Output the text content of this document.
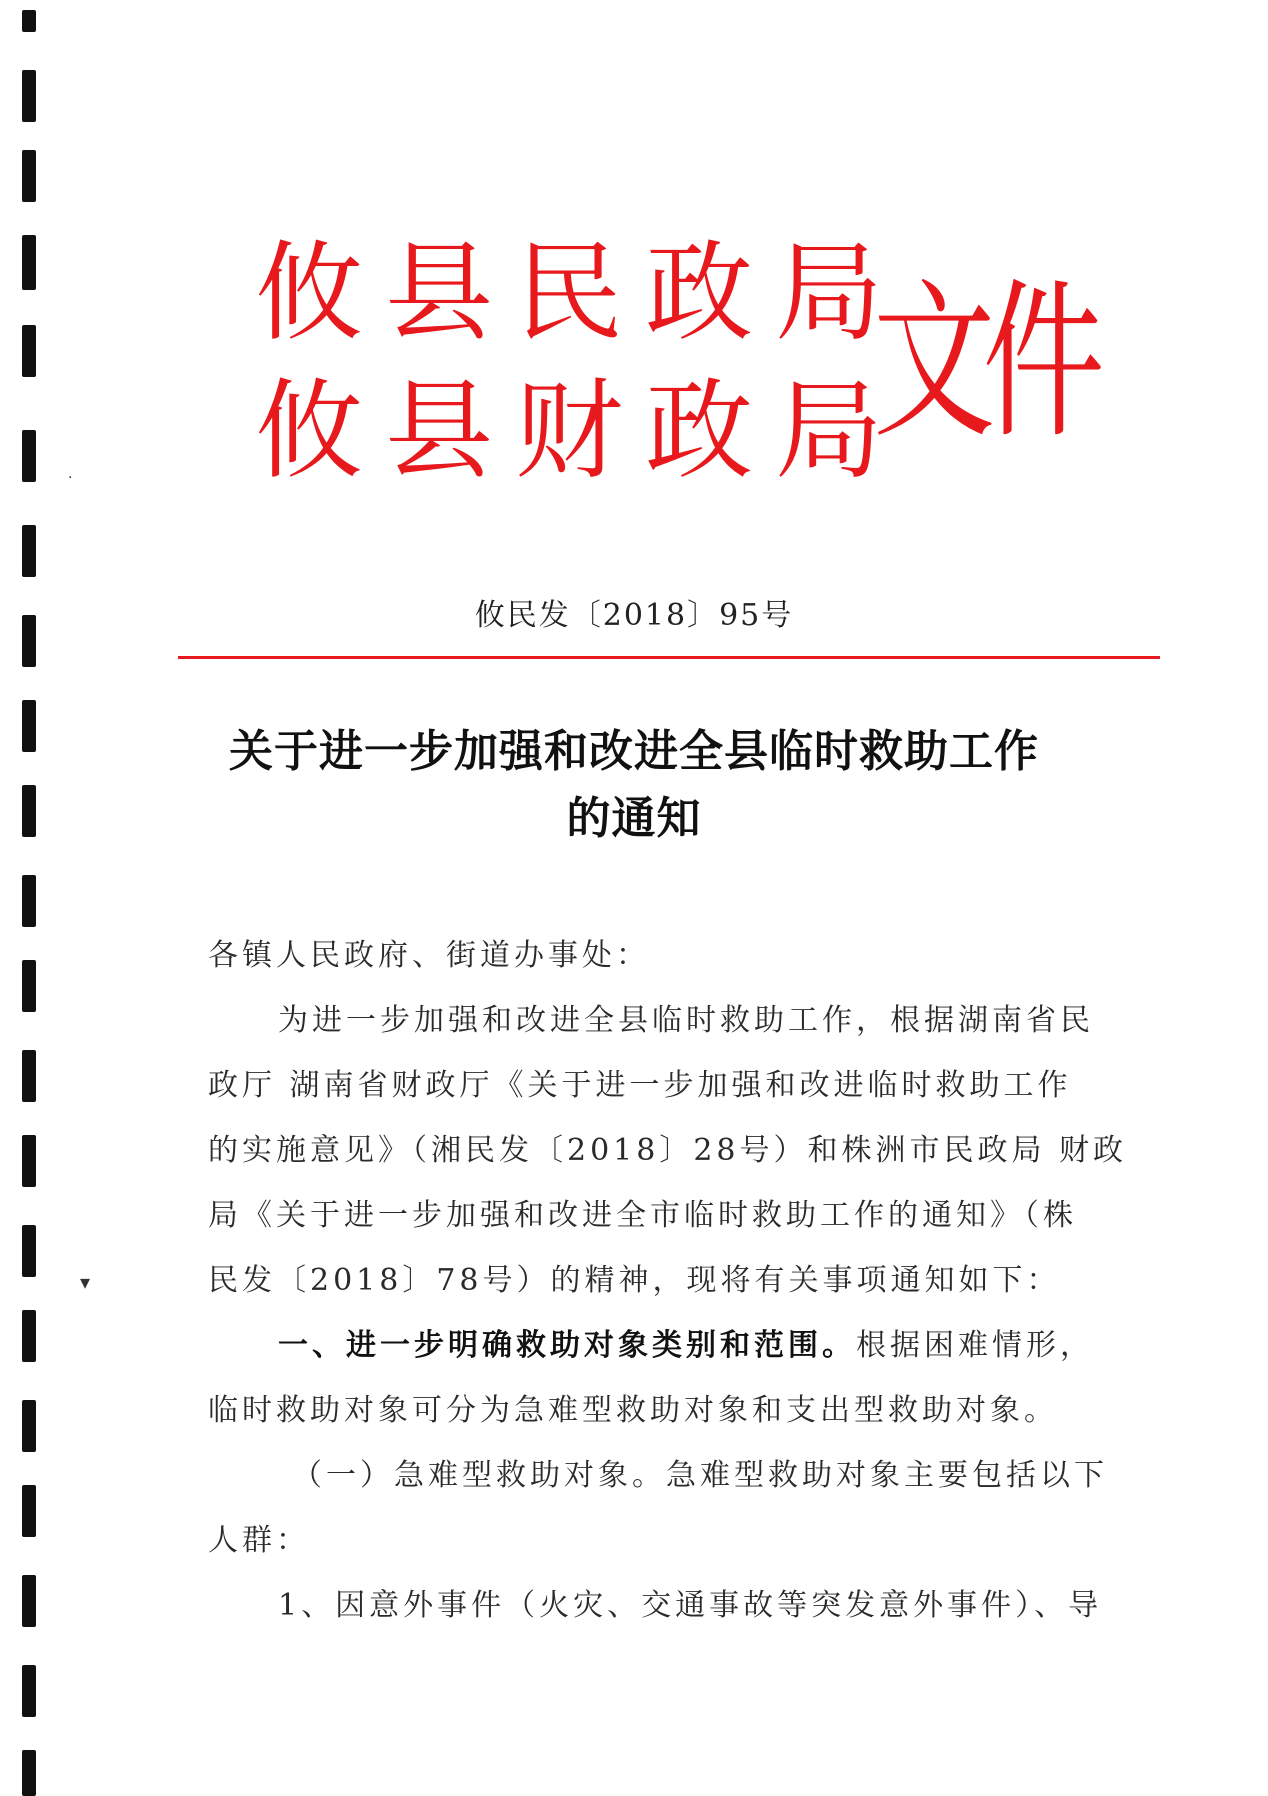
·
▾
攸县民政局
攸县财政局
文件
攸民发〔2018〕95号
关于进一步加强和改进全县临时救助工作
的通知
各镇人民政府、街道办事处：
为进一步加强和改进全县临时救助工作，根据湖南省民
政厅 湖南省财政厅《关于进一步加强和改进临时救助工作
的实施意见》（湘民发〔2018〕28号）和株洲市民政局 财政
局《关于进一步加强和改进全市临时救助工作的通知》（株
民发〔2018〕78号）的精神，现将有关事项通知如下：
一、进一步明确救助对象类别和范围。根据困难情形，
临时救助对象可分为急难型救助对象和支出型救助对象。
（一）急难型救助对象。急难型救助对象主要包括以下
人群：
1、因意外事件（火灾、交通事故等突发意外事件）、导
